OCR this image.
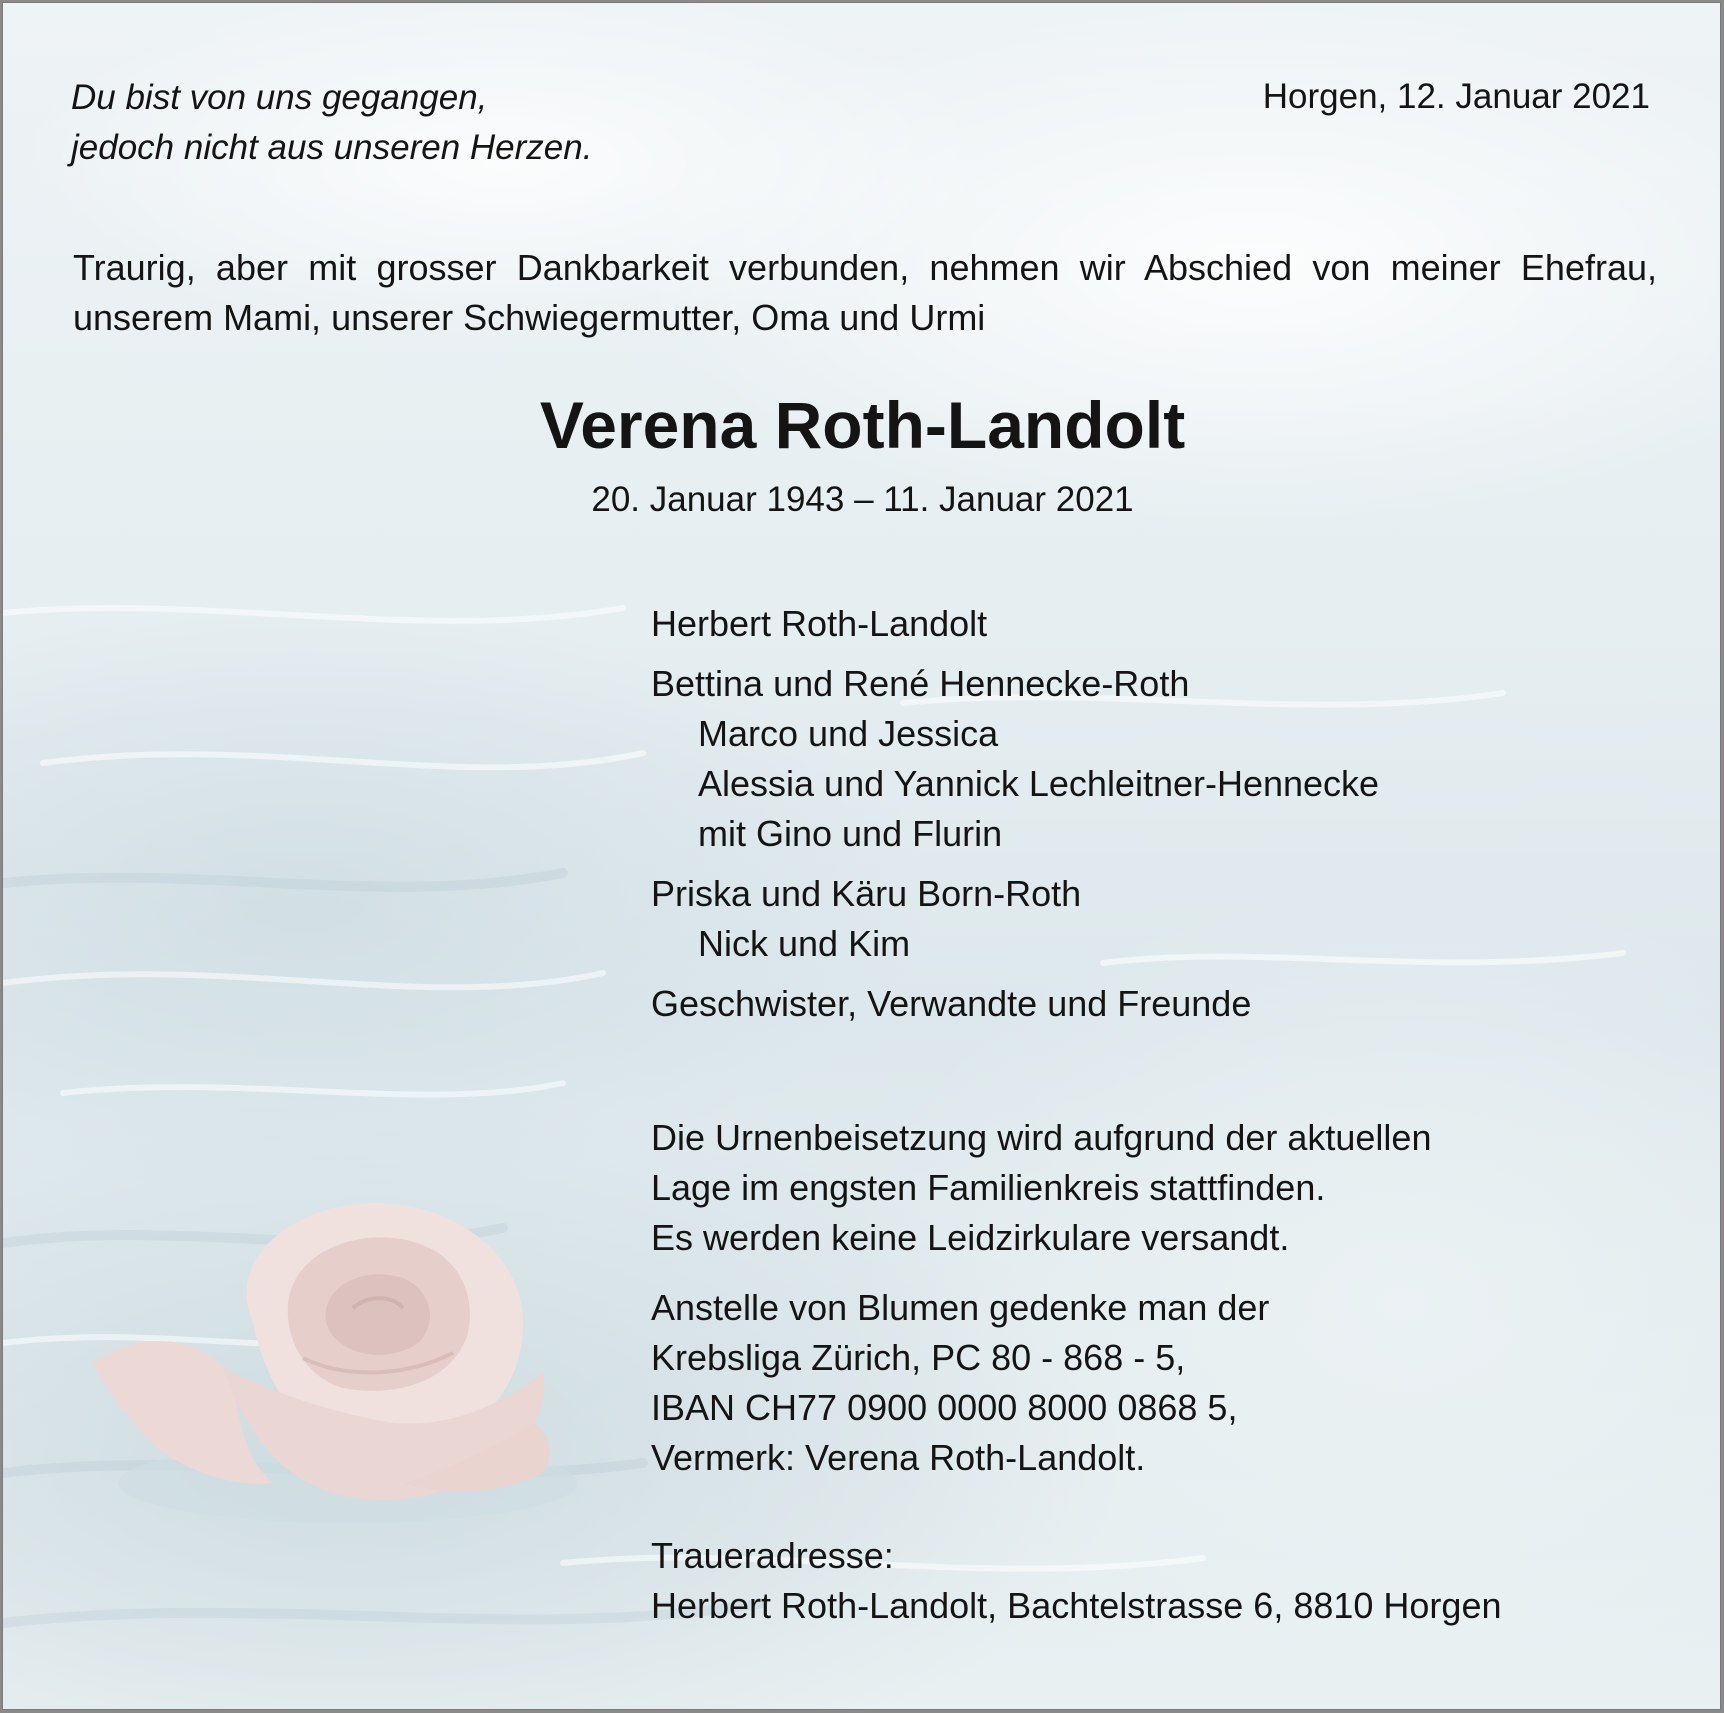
Du bist von uns gegangen,
jedoch nicht aus unseren Herzen.
Horgen, 12. Januar 2021
Traurig, aber mit grosser Dankbarkeit verbunden, nehmen wir Abschied von meiner Ehefrau, unserem Mami, unserer Schwiegermutter, Oma und Urmi
Verena Roth-Landolt
20. Januar 1943 – 11. Januar 2021
Herbert Roth-Landolt
Bettina und René Hennecke-Roth
Marco und Jessica
Alessia und Yannick Lechleitner-Hennecke
mit Gino und Flurin
Priska und Käru Born-Roth
Nick und Kim
Geschwister, Verwandte und Freunde
Die Urnenbeisetzung wird aufgrund der aktuellen
Lage im engsten Familienkreis stattfinden.
Es werden keine Leidzirkulare versandt.
Anstelle von Blumen gedenke man der
Krebsliga Zürich, PC 80 - 868 - 5,
IBAN CH77 0900 0000 8000 0868 5,
Vermerk: Verena Roth-Landolt.
Traueradresse:
Herbert Roth-Landolt, Bachtelstrasse 6, 8810 Horgen
